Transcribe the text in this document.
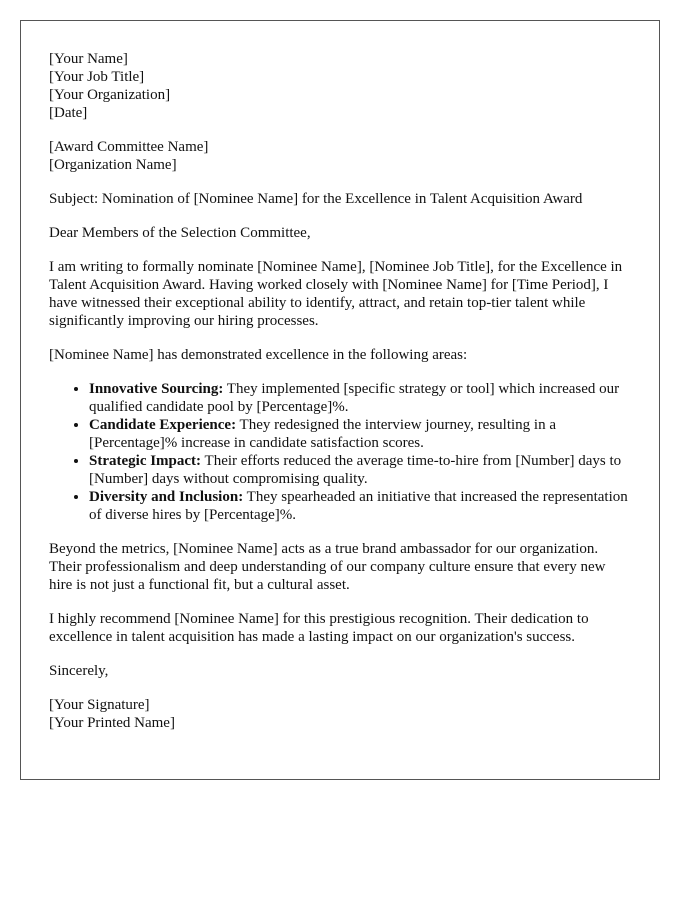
[Your Name]
[Your Job Title]
[Your Organization]
[Date]
[Award Committee Name]
[Organization Name]

Subject: Nomination of [Nominee Name] for the Excellence in Talent Acquisition Award

Dear Members of the Selection Committee,

I am writing to formally nominate [Nominee Name], [Nominee Job Title], for the Excellence in Talent Acquisition Award. Having worked closely with [Nominee Name] for [Time Period], I have witnessed their exceptional ability to identify, attract, and retain top-tier talent while significantly improving our hiring processes.

[Nominee Name] has demonstrated excellence in the following areas:

• Innovative Sourcing: They implemented [specific strategy or tool] which increased our qualified candidate pool by [Percentage]%.
• Candidate Experience: They redesigned the interview journey, resulting in a [Percentage]% increase in candidate satisfaction scores.
• Strategic Impact: Their efforts reduced the average time-to-hire from [Number] days to [Number] days without compromising quality.
• Diversity and Inclusion: They spearheaded an initiative that increased the representation of diverse hires by [Percentage]%.

Beyond the metrics, [Nominee Name] acts as a true brand ambassador for our organization. Their professionalism and deep understanding of our company culture ensure that every new hire is not just a functional fit, but a cultural asset.

I highly recommend [Nominee Name] for this prestigious recognition. Their dedication to excellence in talent acquisition has made a lasting impact on our organization's success.

Sincerely,

[Your Signature]
[Your Printed Name]
